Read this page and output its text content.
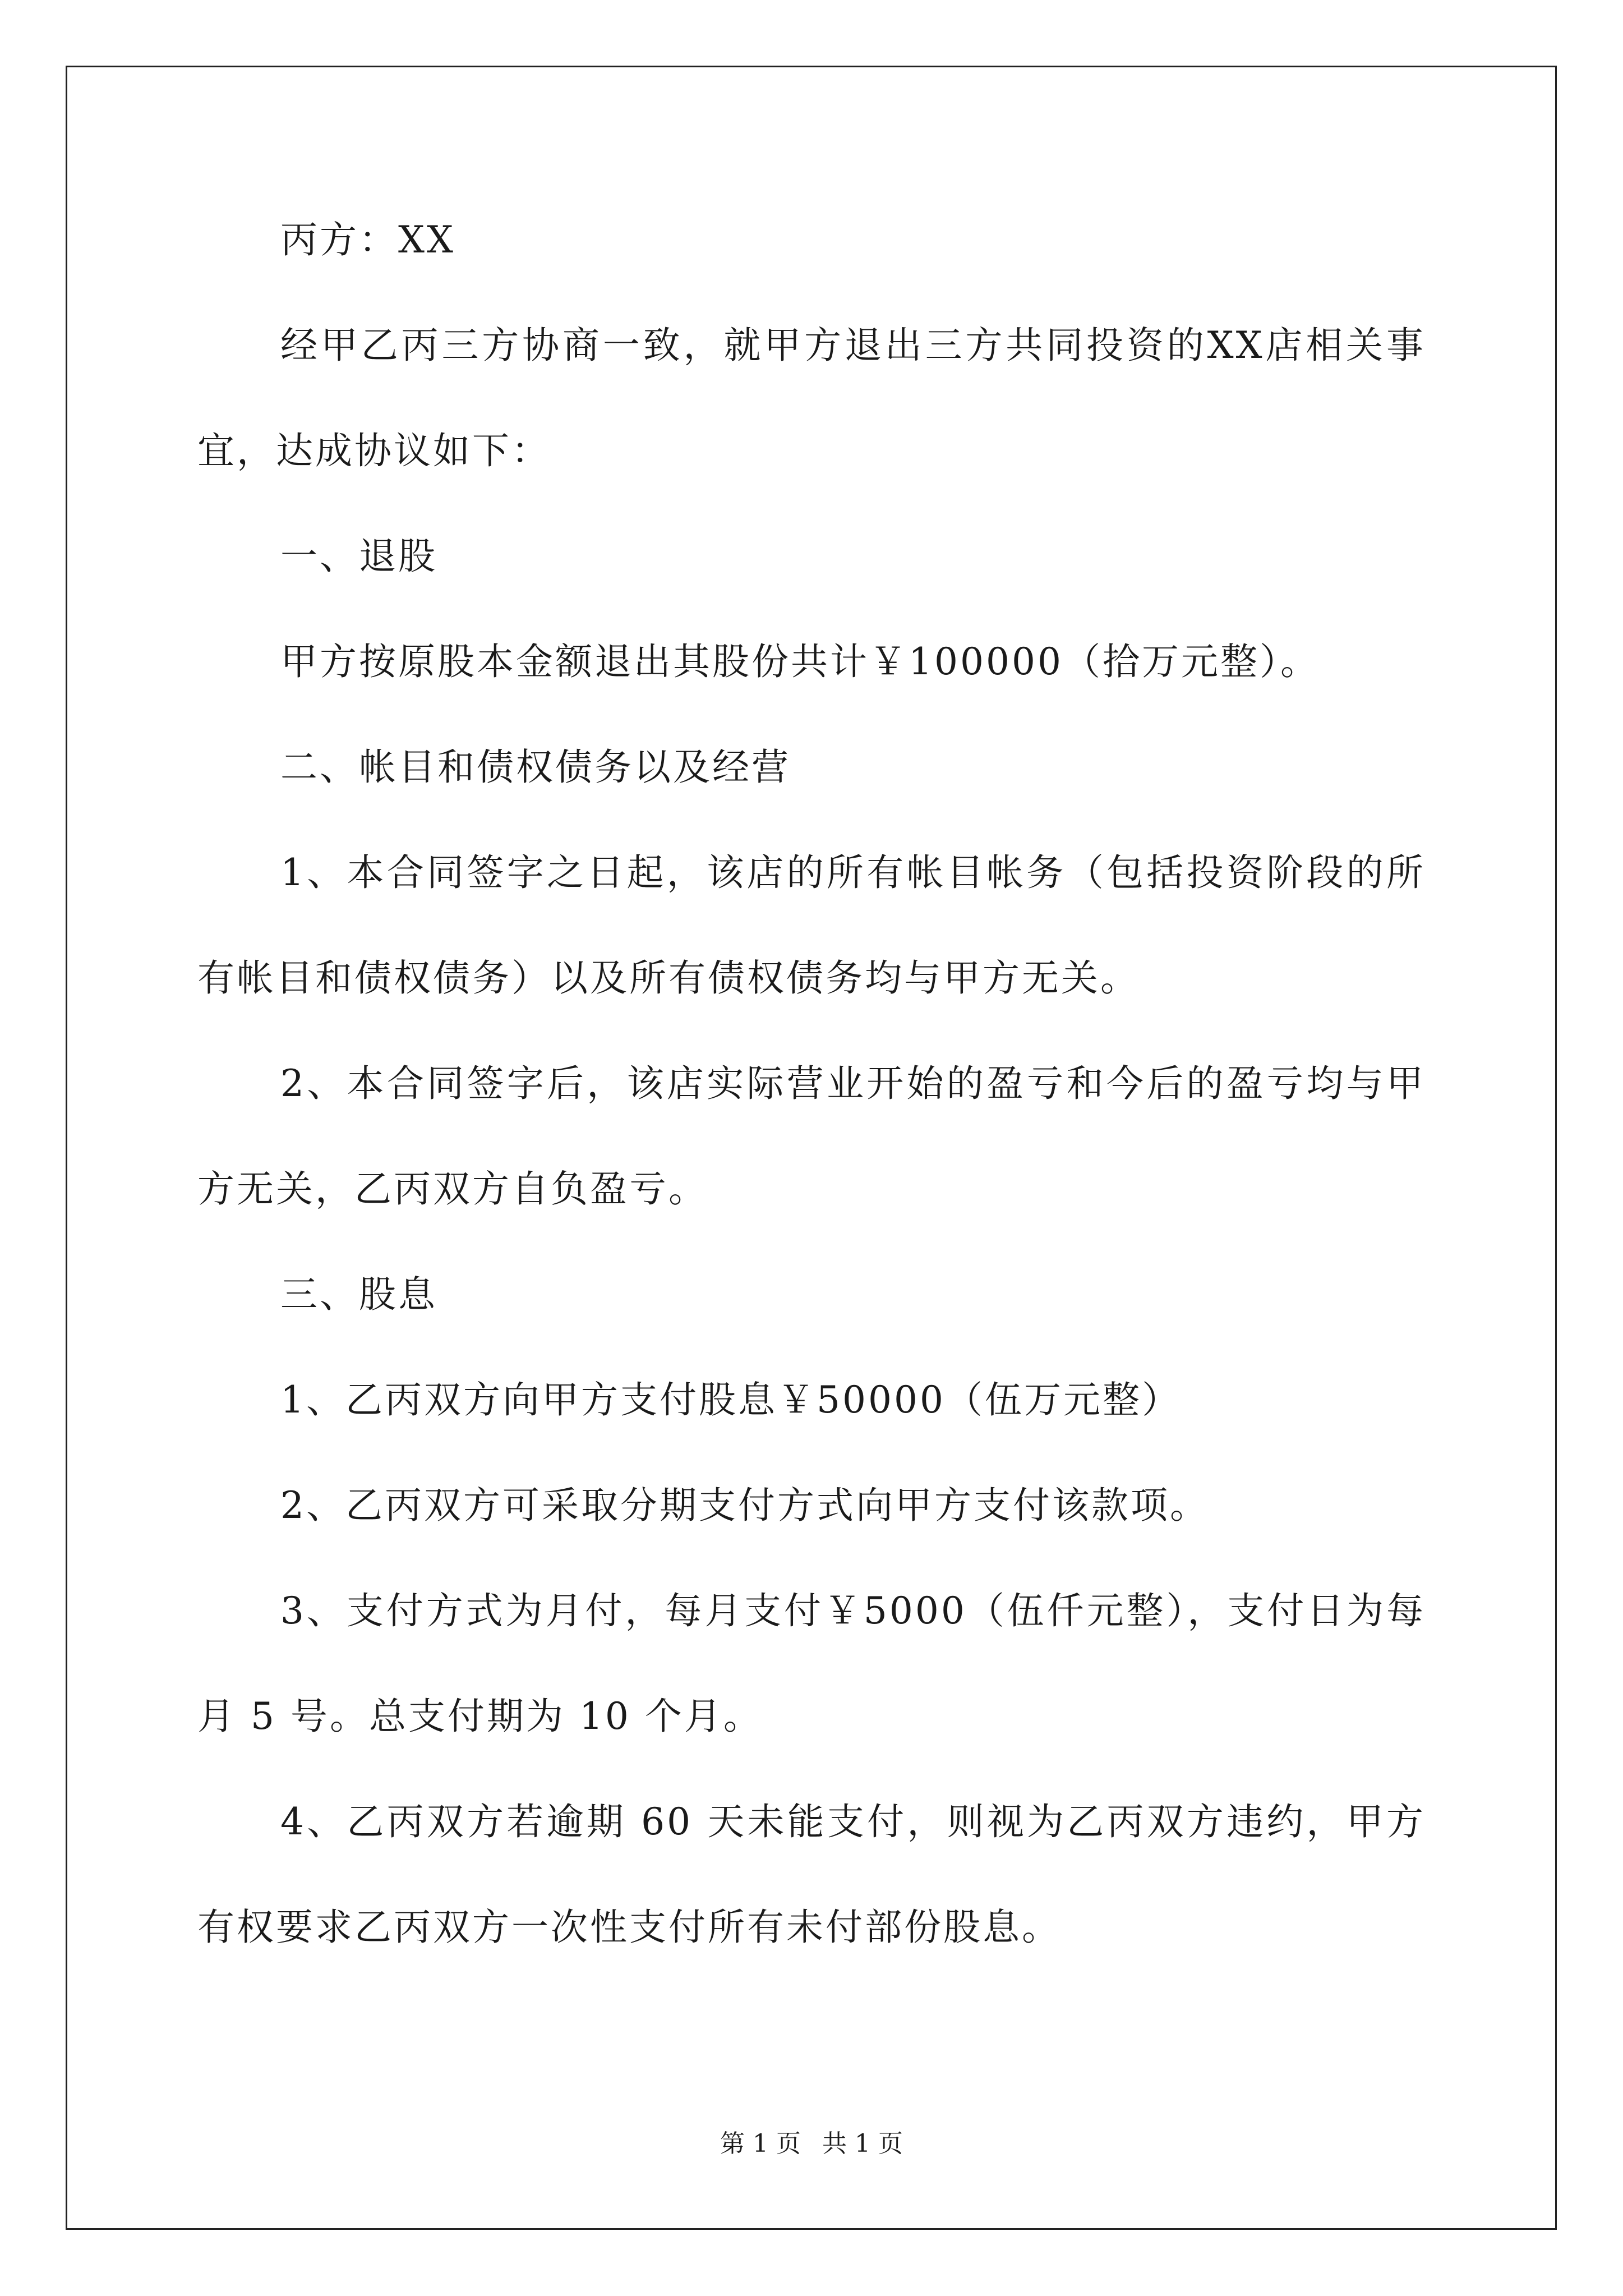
丙方：XX
经甲乙丙三方协商一致，就甲方退出三方共同投资的XX店相关事
宜，达成协议如下：
一、退股
甲方按原股本金额退出其股份共计￥100000（拾万元整）。
二、帐目和债权债务以及经营
1、本合同签字之日起，该店的所有帐目帐务（包括投资阶段的所
有帐目和债权债务）以及所有债权债务均与甲方无关。
2、本合同签字后，该店实际营业开始的盈亏和今后的盈亏均与甲
方无关，乙丙双方自负盈亏。
三、股息
1、乙丙双方向甲方支付股息￥50000（伍万元整）
2、乙丙双方可采取分期支付方式向甲方支付该款项。
3、支付方式为月付，每月支付￥5000（伍仟元整），支付日为每
月 5 号。总支付期为 10 个月。
4、乙丙双方若逾期 60 天未能支付，则视为乙丙双方违约，甲方
有权要求乙丙双方一次性支付所有未付部份股息。
第 1 页 共 1 页
